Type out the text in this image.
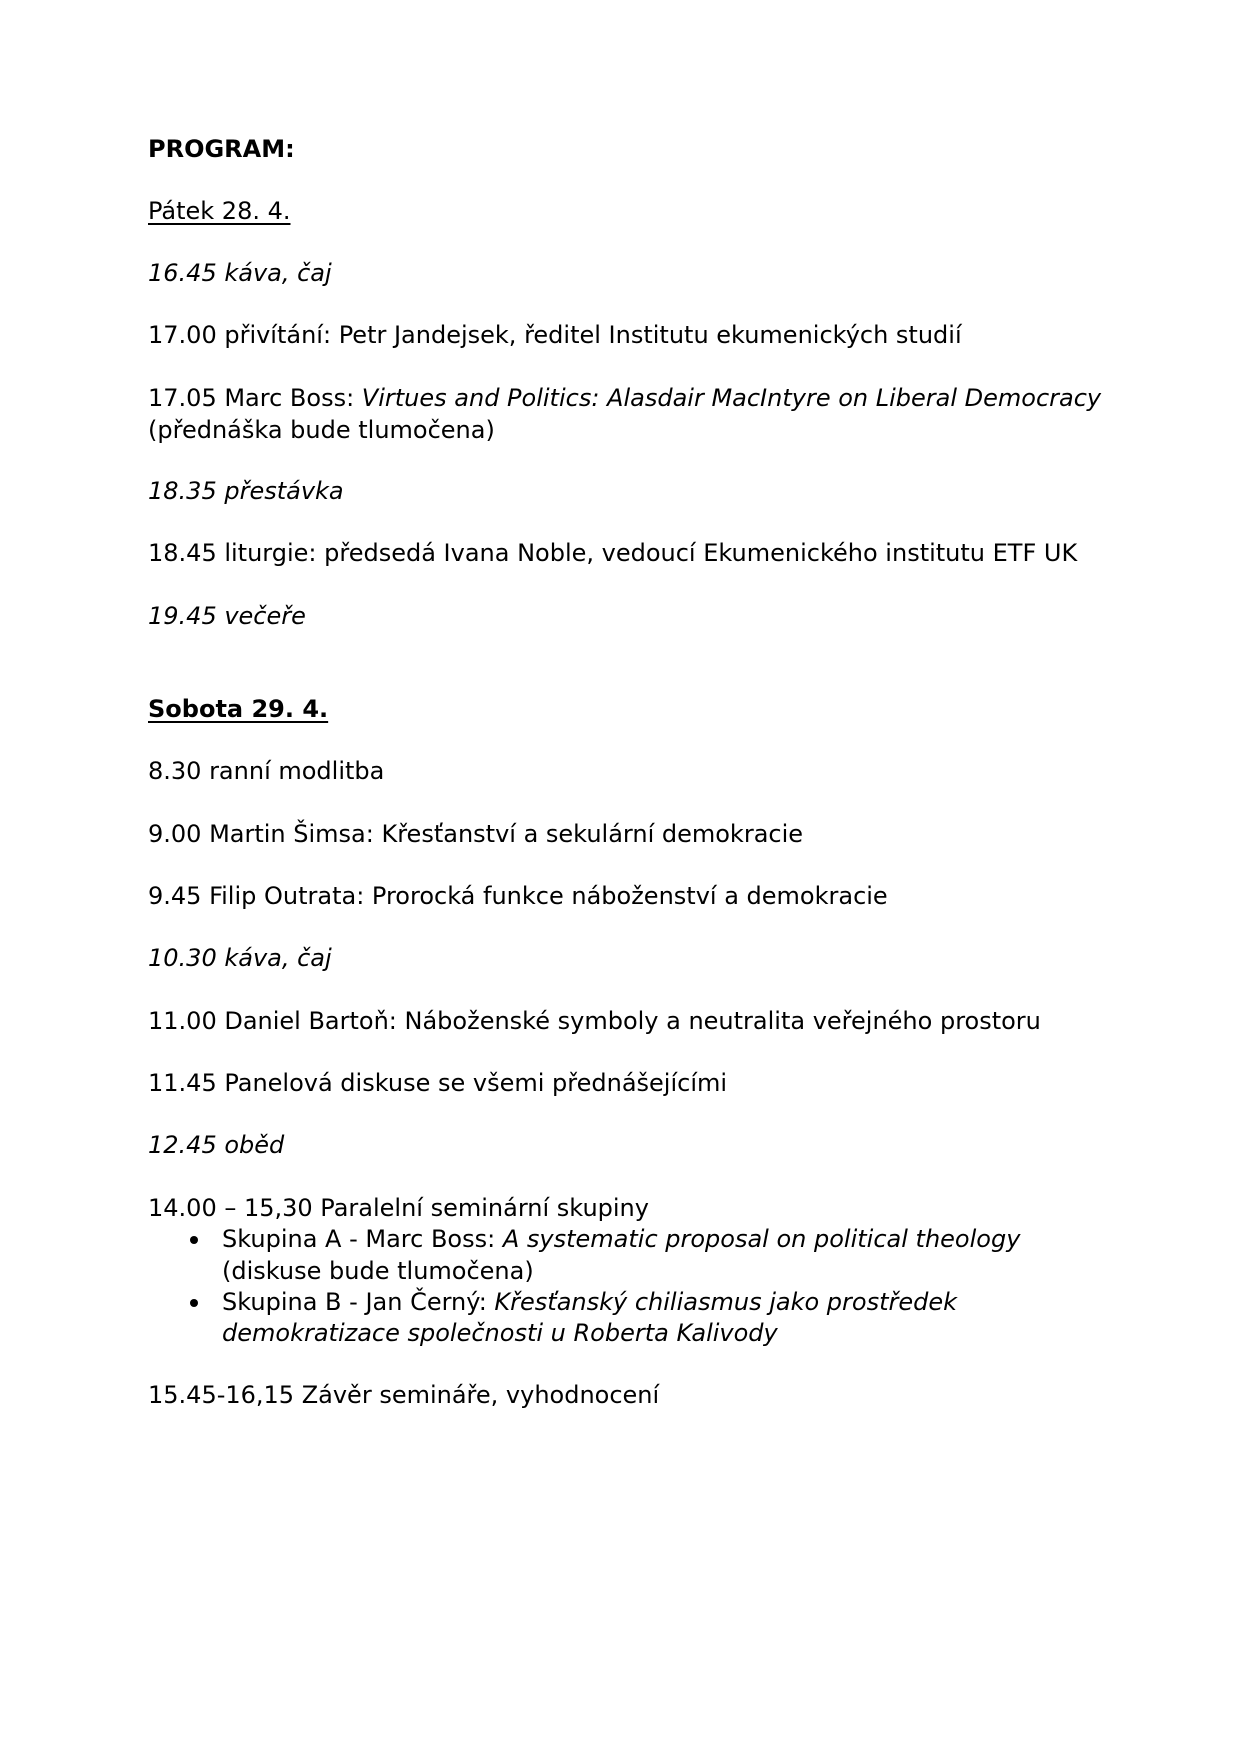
PROGRAM:
Pátek 28. 4.
16.45 káva, čaj
17.00 přivítání: Petr Jandejsek, ředitel Institutu ekumenických studií
17.05 Marc Boss: Virtues and Politics: Alasdair MacIntyre on Liberal Democracy
(přednáška bude tlumočena)
18.35 přestávka
18.45 liturgie: předsedá Ivana Noble, vedoucí Ekumenického institutu ETF UK
19.45 večeře
Sobota 29. 4.
8.30 ranní modlitba
9.00 Martin Šimsa: Křesťanství a sekulární demokracie
9.45 Filip Outrata: Prorocká funkce náboženství a demokracie
10.30 káva, čaj
11.00 Daniel Bartoň: Náboženské symboly a neutralita veřejného prostoru
11.45 Panelová diskuse se všemi přednášejícími
12.45 oběd
14.00 – 15,30 Paralelní seminární skupiny
Skupina A - Marc Boss: A systematic proposal on political theology
(diskuse bude tlumočena)
Skupina B - Jan Černý: Křesťanský chiliasmus jako prostředek
demokratizace společnosti u Roberta Kalivody
15.45-16,15 Závěr semináře, vyhodnocení
